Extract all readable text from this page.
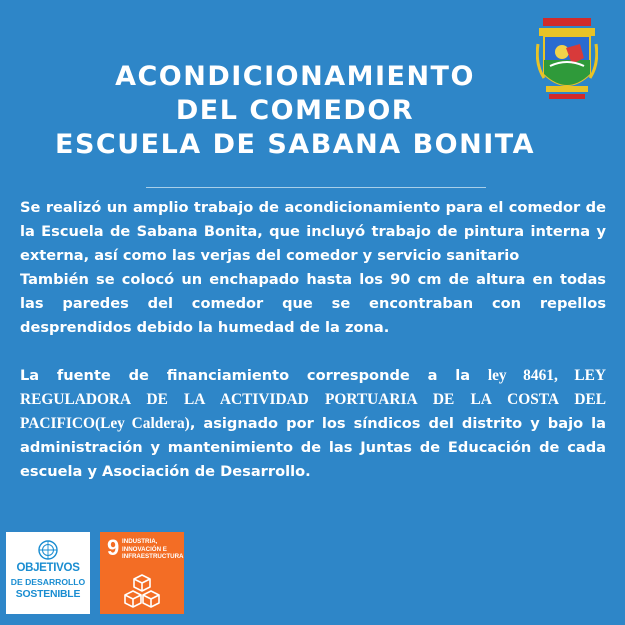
ACONDICIONAMIENTO
DEL COMEDOR
ESCUELA DE SABANA BONITA

Se realizó un amplio trabajo de acondicionamiento para el comedor de la Escuela de Sabana Bonita, que incluyó trabajo de pintura interna y externa, así como las verjas del comedor y servicio sanitario

También se colocó un enchapado hasta los 90 cm de altura en todas las paredes del comedor que se encontraban con repellos desprendidos debido la humedad de la zona.

La fuente de financiamiento corresponde a la ley 8461, LEY REGULADORA DE LA ACTIVIDAD PORTUARIA DE LA COSTA DEL PACIFICO(Ley Caldera), asignado por los síndicos del distrito y bajo la administración y mantenimiento de las Juntas de Educación de cada escuela y Asociación de Desarrollo.

OBJETIVOS
DE DESARROLLO
SOSTENIBLE
9 INDUSTRIA,
INNOVACIÓN E
INFRAESTRUCTURA
